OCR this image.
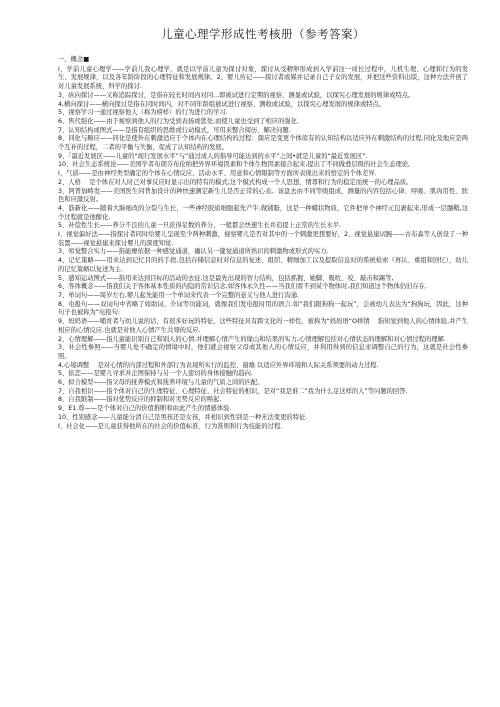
儿童心理学形成性考核册（参考答案）
一、概念■

I、学前儿童心理学——学前儿我心理学，就是以学前儿童为探讨对象，探讨从受精卵形成到入学前这一成长过程中，儿机生理、心理和行为的发生、发展规律，以及各年龄阶段的心理特征和发展规律。2、婴儿传记——探讨者或媒并记录自己子女的发展，并把这些资料出版，这种方法开创了对儿童发展系统、科学的探讨.

3、纵向探讨——又称追踪探讨，是指在较长时间内对同...即被试进行定期的视察、测显或试验，以探究心理发展的规律或特点。

4,横向探讨——横向探讨是指在同时间内，对不同年龄组被试进行视察、测收或试验，以探究心理发展的规律或特点。

5、视察学习一通过视察他人（称为榜样）的行为进行的学习.

6、售代强化——由于视察到他人的行为受到表扬或惩处,而使儿童也受到了相应的强化.

7、认知结构或图式——是指有组织的思维或行动模式，可用来整合阅历、解决问题.

8、同化与顺应——同化是使外在刺激适应于个体内在心理结构的过程：颜应是变更个体原有的认知结构以适应外在刺激结构的过程.同化及地应是两个互补的过程，二者的平衡与失衡，促成了认知结构的发展。

9、「最近发展区——儿童的“现行发展水平”与“通过成人的指导可能达到的水平”之间•就是儿童的“最近发展区”.

10、社会生态系统论——美国学者布朗芬布伦纳把外界环境因素和个体生物因素接合起来,提出了不同做叠层级的社会生态理论。

I、气质——是由神经类型确定的个体在心情反应、活动水平、用意和心情限制等方面所表现出来的恰定的个体差异.

2、人格　 是个体在对人时己对事反应时显示出的特有的模式;这个模式构成一个人思想、情尊和行为的稳定而统一的心理品质。

3、阿普加畴发——美国医生同普加设计的种快速测定新生儿是否正常的心表。该盘去由不同等级组成，测量的内容包括心律、呼吸、肌肉用性、肤色和应激反射。

4、筋新化——随着大脑细改的分裂与生长，一些神经胶质细胞起先产牛.做铺脂，这是一种蜡状物质，它件把单个神经元包裹起来,形成一层髓鞘,这个过程就是他酣化.

5、补偿性生长——养分不良的儿童一旦获得足数的养分，一般都会快速生长并追提上正常的生长水平.

I、视觉偏好法——指探讨者同时给婴儿呈现至少两种刺激，视察婴儿是否对其中的一个刺激更想要好，2、视觉悬崖试腕——古布森等人创设了一种装置——视觉悬崖来探讨婴儿的深度知觉.

3、知觉整合实力——指能瘳依据一种感觉通道，确认另一键觉通道所熟识的刺激物或形式的实力.

4、记忆策略——用来达到记忆目的的手段,包括存储信息时对信息的复述、组织、精细加工以及提取信息时的系统检索（再认、重组和回忆），幼儿的记忆策略以复述为主.

5、感知运动图式——指用来达到目标的活动的去征.这是最先出现的智力结构，包括抓握、她脚、吸吮、咬、敲击和踢等,

6、客体概念——指我们关于客体基本性质的内隐的常识信念,如客体永久性——当我们看不到某个物体时,我们知道这个物体仍旧存在.

7、单词句——周岁左右,婴儿起先能用一个单词来代表一个完整的意义与他人进行沟通.

8、电报句——双词句中省略了如助词、介词等功能词，就像我们发电报时用的语言.如“我们跟狗狗一起玩”，会被幼儿表达为“狗狗玩，因此，这种句子也被称为“电报句:

9、妈妈语——哺育者与幼儿说的话，有很多好玩的特征，这些特征具有跨文化的一样性，被称为“妈妈语“O移情　 指知觉到他人的心情体验,并产生相应的心情反应.也就是对他人心情产生共辱的反应.

2、心情理解——指儿童能识别自己和别人的心情.并理解心情产生的缘山和结果的实力,心情理解包括对心情状态的理解和对心情过程的理解.

3、社会性参照——当婴儿处不确定的情境中时，他们就会视察父母或其他人的心情反应，并利用得到的信息来调整自己的行为，这就是社会性参照。

4,心境调整　 是对心情的内部过程和外部行为表现所实行的监控、谢雄.以适应外界环境和人际关系须要的动力过程.

5、依恋——是婴儿寻求并企图保持与另一个人密切的身体接触的趋向.

6、拟合模型——指父母的抚养模式和抚养环境与儿童的气质之间的匹配。

7、自我相识——指个体对自己的生理特征、心理特征、社会特征的相识，是对“我是谁二”我为什么足这样的人”等问题的回答.

8、自我限制——指对优势反应的抑制和对劣势反应的唤起.

9、E1.尊——是个体对自己的价值推断和由此产生的情感体验.

10、性别感念——儿童能分清自己是男孩还是女孩，并相识到性别是一种无法变更的特征.

I、社会化——是儿童获得他所在的社会的价值标准、行为准则和行为技能的过程.
